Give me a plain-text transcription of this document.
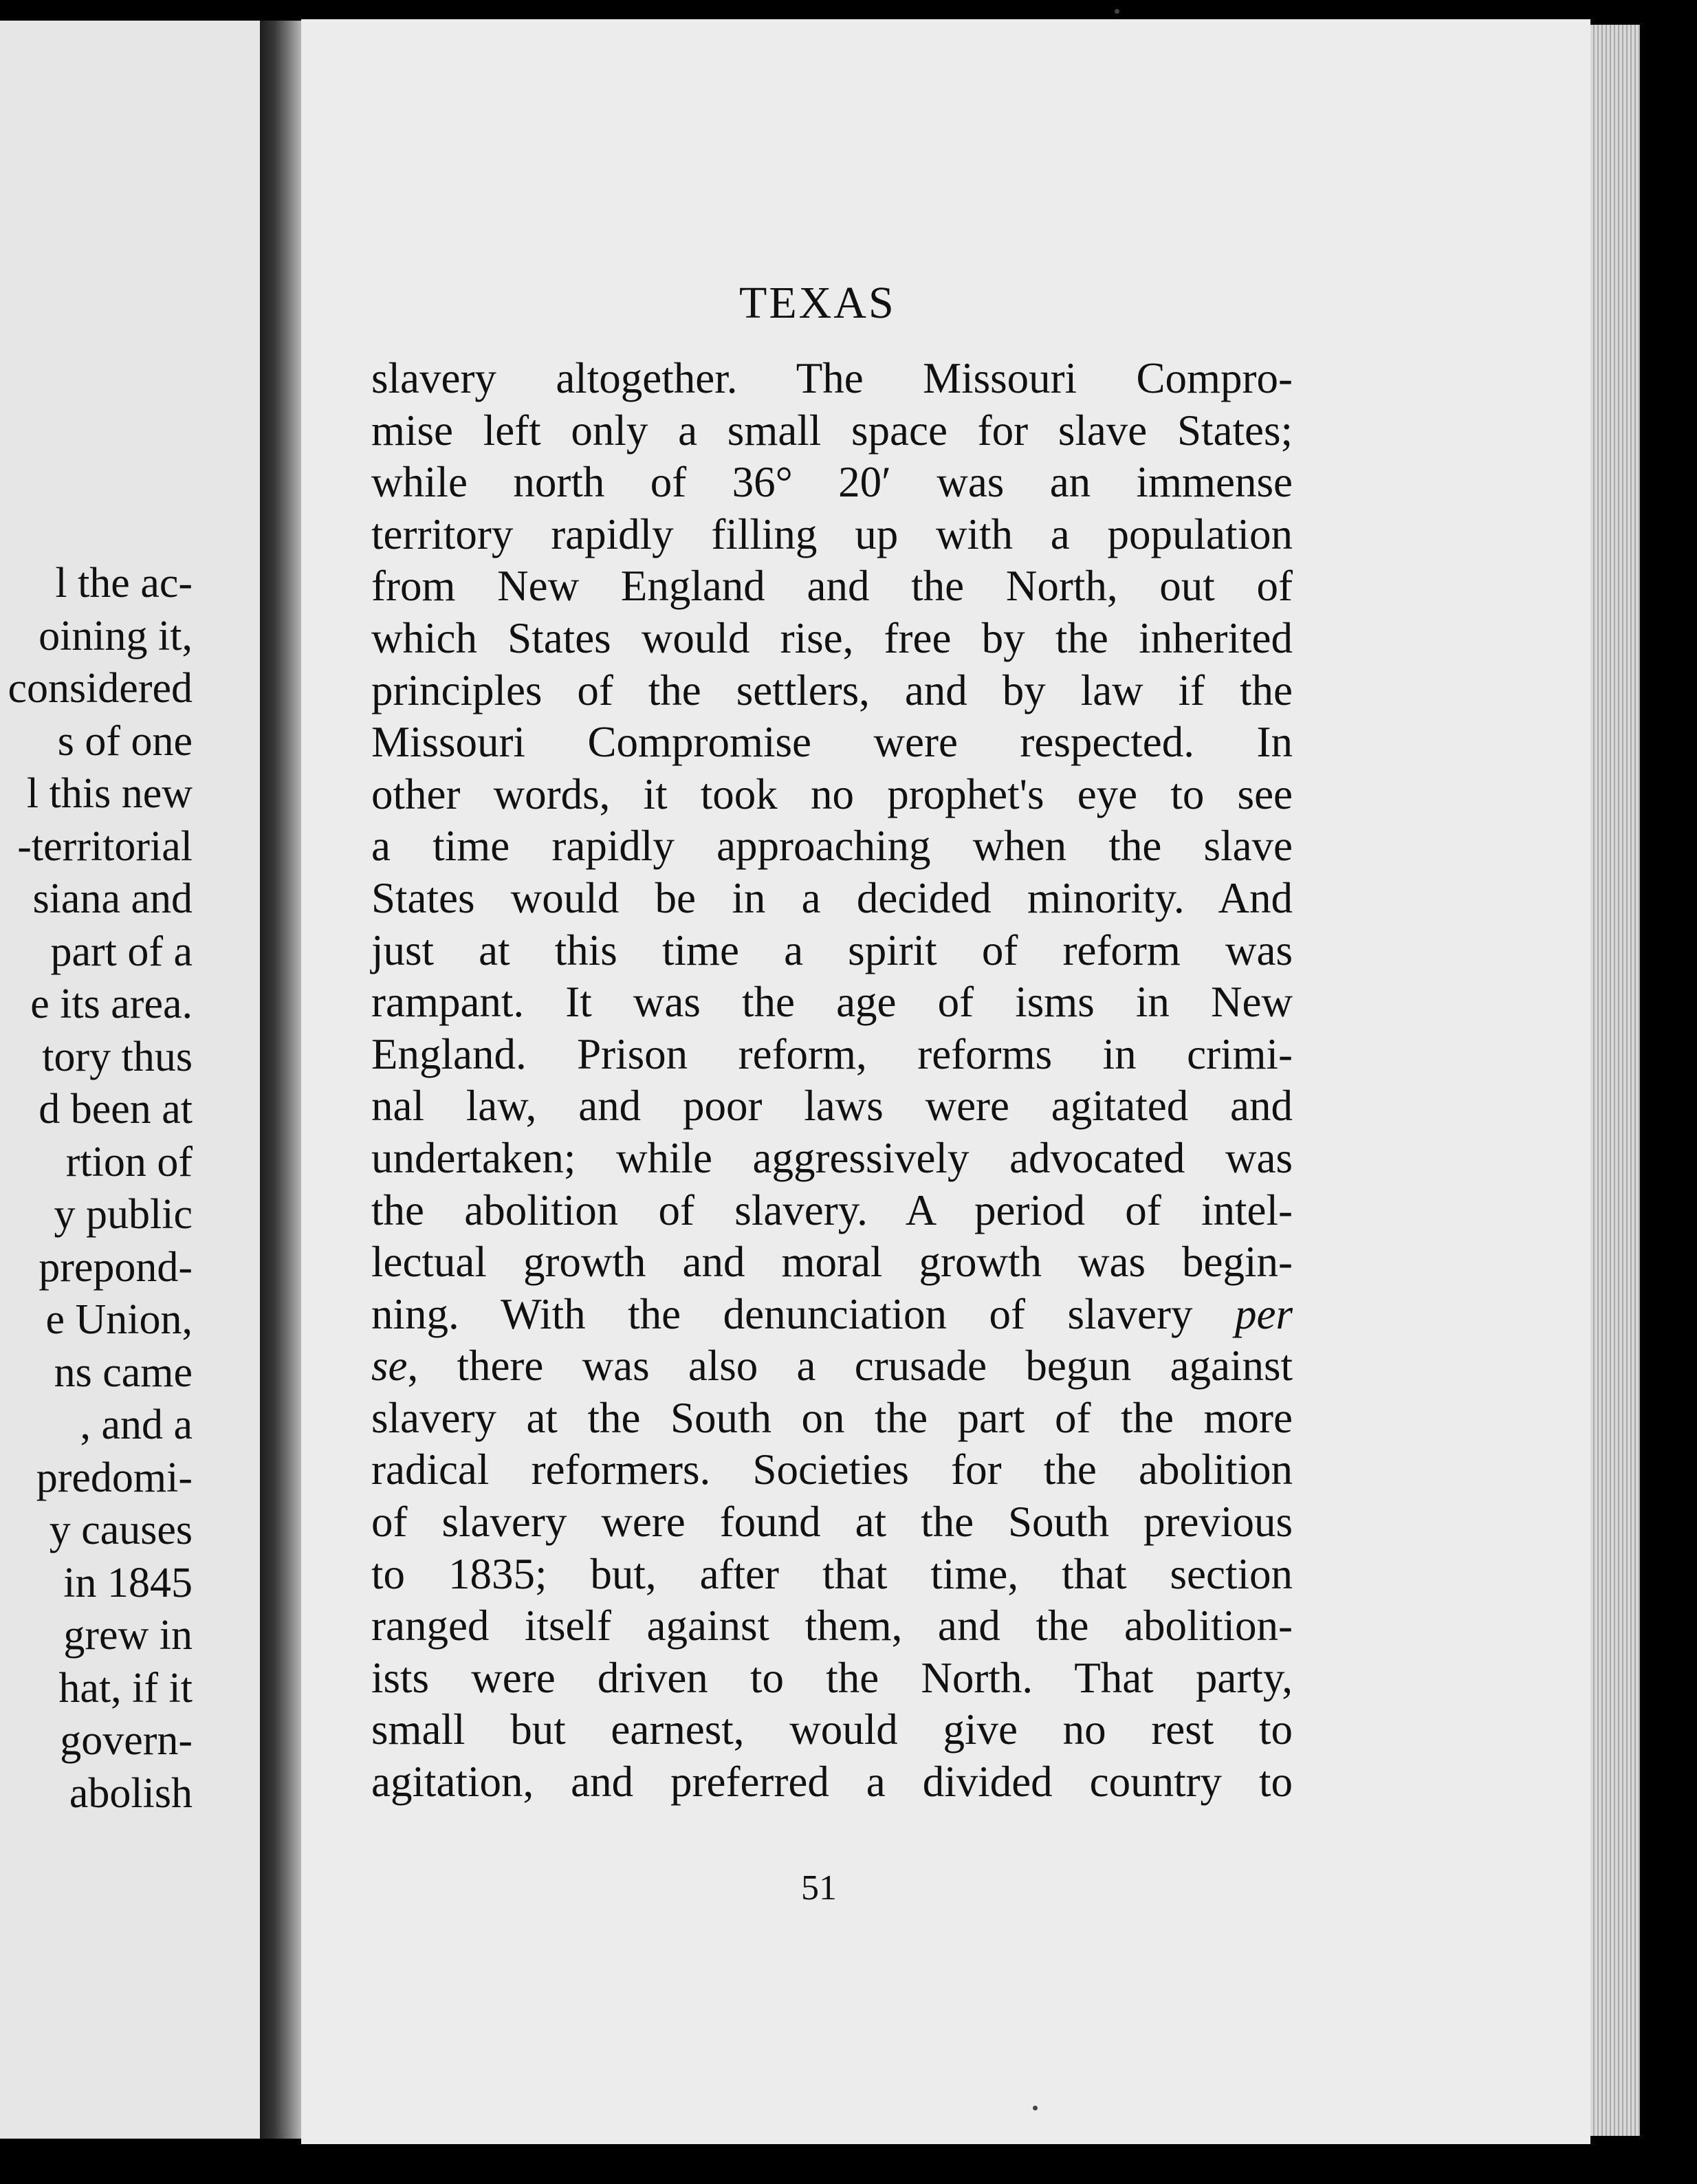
l the ac-
oining it,
considered
s of one
l this new
-territorial
siana and
part of a
e its area.
tory thus
d been at
rtion of
y public
prepond-
e Union,
ns came
, and a
predomi-
y causes
in 1845
grew in
hat, if it
govern-
abolish
TEXAS
slavery altogether. The Missouri Compro-
mise left only a small space for slave States;
while north of 36° 20′ was an immense
territory rapidly filling up with a population
from New England and the North, out of
which States would rise, free by the inherited
principles of the settlers, and by law if the
Missouri Compromise were respected. In
other words, it took no prophet's eye to see
a time rapidly approaching when the slave
States would be in a decided minority. And
just at this time a spirit of reform was
rampant. It was the age of isms in New
England. Prison reform, reforms in crimi-
nal law, and poor laws were agitated and
undertaken; while aggressively advocated was
the abolition of slavery. A period of intel-
lectual growth and moral growth was begin-
ning. With the denunciation of slavery per
se, there was also a crusade begun against
slavery at the South on the part of the more
radical reformers. Societies for the abolition
of slavery were found at the South previous
to 1835; but, after that time, that section
ranged itself against them, and the abolition-
ists were driven to the North. That party,
small but earnest, would give no rest to
agitation, and preferred a divided country to

51
